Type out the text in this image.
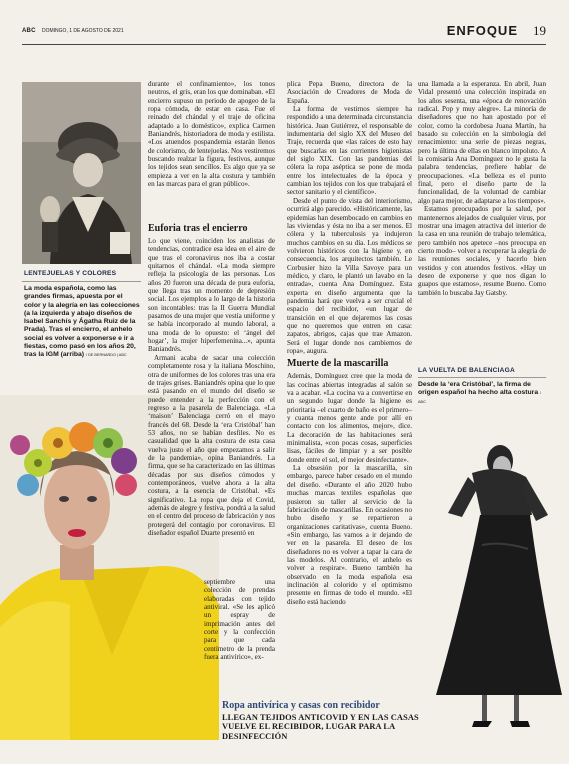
ABC DOMINGO, 1 DE AGOSTO DE 2021	ENFOQUE 19
LENTEJUELAS Y COLORES
La moda española, como las grandes firmas, apuesta por el color y la alegría en las colecciones (a la izquierda y abajo diseños de Isabel Sanchís y Ágatha Ruiz de la Prada). Tras el encierro, el anhelo social es volver a exponerse e ir a fiestas, como pasó en los años 20, tras la IGM (arriba) / DE BERNARDO | ABC
LA VUELTA DE BALENCIAGA
Desde la ‘era Cristóbal’, la firma de origen español ha hecho alta costura / ABC

durante el confinamiento», los tonos neutros, el gris, eran los que dominaban. «El encierro supuso un periodo de apogeo de la ropa cómoda, de estar en casa. Fue el reinado del chándal y el traje de oficina adaptado a lo doméstico», explica Carmen Baniandrés, historiadora de moda y estilista. «Los atuendos pospandemia estarán llenos de colorismo, de lentejuelas. Nos vestiremos buscando realzar la figura, festivos, aunque los tejidos sean sencillos. Es algo que ya se empieza a ver en la alta costura y también en las marcas para el gran público».

Euforia tras el encierro

Lo que viene, coinciden los analistas de tendencias, contradice esa idea en el aire de que tras el coronavirus nos iba a costar quitarnos el chándal. «La moda siempre refleja la psicología de las personas. Los años 20 fueron una década de pura euforia, que llega tras un momento de depresión social. Los ejemplos a lo largo de la historia son incontables: tras la II Guerra Mundial pasamos de una mujer que vestía uniforme y se había incorporado al mundo laboral, a una moda de lo opuesto: el ‘ángel del hogar’, la mujer hiperfemenina...», apunta Baniandrés.

Armani acaba de sacar una colección completamente rosa y la italiana Moschino, otra de uniformes de los colores tras una era de trajes grises. Baniandrés opina que lo que está pasando en el mundo del diseño se puede entender a la perfección con el regreso a la pasarela de Balenciaga. «La ‘maison’ Balenciaga cerró en el mayo francés del 68. Desde la ‘era Cristóbal’ han 53 años, no se habían desfiles. No es casualidad que la alta costura de esta casa vuelva justo el año que empezamos a salir de la pandemia», opina Baniandrés. La firma, que se ha caracterizado en las últimas décadas por sus diseños cómodos y contemporáneos, vuelve ahora a la alta costura, a la esencia de Cristóbal. «Es significativo. La ropa que deja el Covid, además de alegre y festiva, pondrá a la salud en el centro del proceso de fabricación y nos protegerá del contagio por coronavirus. El diseñador español Duarte presentó en

septiembre una colección de prendas elaboradas con tejido antiviral. «Se les aplicó un espray de imprimación antes del corte y la confección para que cada centímetro de la prenda fuera antivírico», ex-

plica Pepa Bueno, directora de la Asociación de Creadores de Moda de España.

La forma de vestirnos siempre ha respondido a una determinada circunstancia histórica. Juan Gutiérrez, el responsable de indumentaria del siglo XX del Museo del Traje, recuerda que «las raíces de esto hay que buscarlas en las corrientes higienistas del siglo XIX. Con las pandemias del cólera la ropa aséptica se pone de moda entre los intelectuales de la época y cambian los tejidos con los que trabajará el sector sanitario y el científico».

Desde el punto de vista del interiorismo, ocurrirá algo parecido. «Históricamente, las epidemias han desembocado en cambios en las viviendas y ésta no iba a ser menos. El cólera y la tuberculosis ya indujeron muchos cambios en su día. Los médicos se volvieron históricos con la higiene y, en consecuencia, los arquitectos también. Le Corbusier hizo la Villa Savoye para un médico, y claro, le plantó un lavabo en la entrada», cuenta Ana Domínguez. Esta experta en diseño argumenta que la pandemia hará que vuelva a ser crucial el espacio del recibidor, «un lugar de transición en el que dejaremos las cosas que no queremos que entren en casa: zapatos, abrigos, cajas que trae Amazon. Será el lugar donde nos cambiemos de ropa», augura.

Muerte de la mascarilla

Además, Domínguez cree que la moda de las cocinas abiertas integradas al salón se va a acabar. «La cocina va a convertirse en un segundo lugar donde la higiene es prioritaria –el cuarto de baño es el primero– y cuanta menos gente ande por allí en contacto con los alimentos, mejor», dice. La decoración de las habitaciones será minimalista, «con pocas cosas, superficies lisas, fáciles de limpiar y a ser posible donde entre el sol, el mejor desinfectante».

La obsesión por la mascarilla, sin embargo, parece haber cesado en el mundo del diseño. «Durante el año 2020 hubo muchas marcas textiles españolas que pusieron su taller al servicio de la fabricación de mascarillas. En ocasiones no hubo diseño y se repartieron a organizaciones caritativas», cuenta Bueno. «Sin embargo, las vamos a ir dejando de ver en la pasarela. El deseo de los diseñadores no es volver a tapar la cara de las modelos. Al contrario, el anhelo es volver a respirar». Bueno también ha observado en la moda española esa inclinación al colorido y el optimismo presente en firmas de todo el mundo. «El diseño está haciendo

una llamada a la esperanza. En abril, Juan Vidal presentó una colección inspirada en los años sesenta, una «época de renovación radical. Pop y muy alegre». La minoría de diseñadores que no han apostado por el color, como la cordobesa Juana Martín, ha basado su colección en la simbología del renacimiento: una serie de piezas negras, pero la última de ellas en blanco impoluto. A la comisaria Ana Domínguez no le gusta la palabra tendencias, prefiere hablar de preocupaciones. «La belleza es el punto final, pero el diseño parte de la funcionalidad, de la voluntad de cambiar algo para mejor, de adaptarse a los tiempos».

Estamos preocupados por la salud, por mantenernos alejados de cualquier virus, por mostrar una imagen atractiva del interior de la casa en una reunión de trabajo telemática, pero también nos apetece –nos preocupa en cierto modo– volver a recuperar la alegría de las reuniones sociales, y hacerlo bien vestidos y con atuendos festivos. «Hay un deseo de exponerse y que nos digan lo guapos que estamos», resume Bueno. Como también lo buscaba Jay Gatsby.

Ropa antivírica y casas con recibidor
LLEGAN TEJIDOS ANTICOVID Y EN LAS CASAS VUELVE EL RECIBIDOR, LUGAR PARA LA DESINFECCIÓN
